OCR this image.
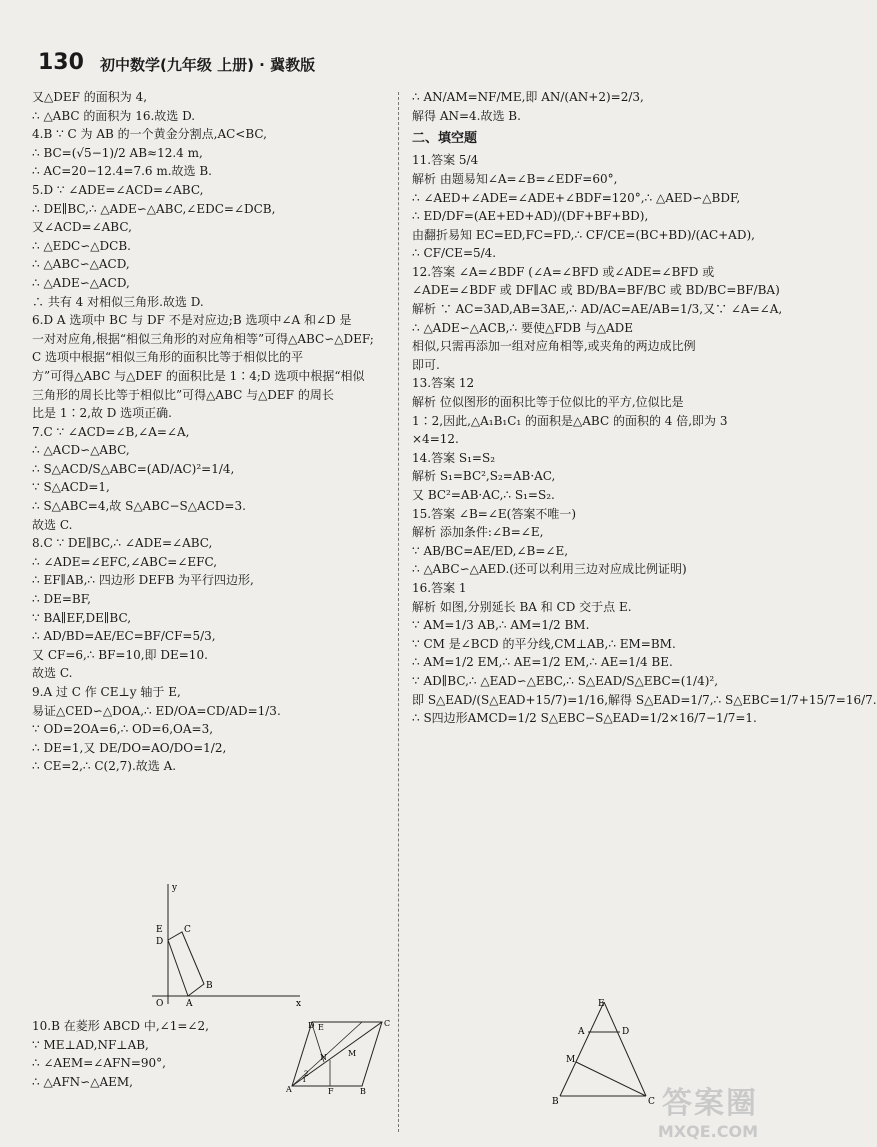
130 初中数学(九年级 上册) · 冀教版
又△DEF 的面积为 4,
∴ △ABC 的面积为 16.故选 D.
4.B ∵ C 为 AB 的一个黄金分割点,AC<BC,
∴ BC=(√5−1)/2 AB≈12.4 m,
∴ AC=20−12.4=7.6 m.故选 B.
5.D ∵ ∠ADE=∠ACD=∠ABC,
∴ DE∥BC,∴ △ADE∽△ABC,∠EDC=∠DCB,
又∠ACD=∠ABC,
∴ △EDC∽△DCB.
∴ △ABC∽△ACD,
∴ △ADE∽△ACD,
∴ 共有 4 对相似三角形.故选 D.
6.D A 选项中 BC 与 DF 不是对应边;B 选项中∠A 和∠D 是
一对对应角,根据“相似三角形的对应角相等”可得△ABC∽△DEF;
C 选项中根据“相似三角形的面积比等于相似比的平
方”可得△ABC 与△DEF 的面积比是 1∶4;D 选项中根据“相似
三角形的周长比等于相似比”可得△ABC 与△DEF 的周长
比是 1∶2,故 D 选项正确.
7.C ∵ ∠ACD=∠B,∠A=∠A,
∴ △ACD∽△ABC,
∴ S△ACD/S△ABC=(AD/AC)²=1/4,
∵ S△ACD=1,
∴ S△ABC=4,故 S△ABC−S△ACD=3.
故选 C.
8.C ∵ DE∥BC,∴ ∠ADE=∠ABC,
∴ ∠ADE=∠EFC,∠ABC=∠EFC,
∴ EF∥AB,∴ 四边形 DEFB 为平行四边形,
∴ DE=BF,
∵ BA∥EF,DE∥BC,
∴ AD/BD=AE/EC=BF/CF=5/3,
又 CF=6,∴ BF=10,即 DE=10.
故选 C.
9.A 过 C 作 CE⊥y 轴于 E,
易证△CED∽△DOA,∴ ED/OA=CD/AD=1/3.
∵ OD=2OA=6,∴ OD=6,OA=3,
∴ DE=1,又 DE/DO=AO/DO=1/2,
∴ CE=2,∴ C(2,7).故选 A.
y
E
D
C
O	A
B
x
10.B 在菱形 ABCD 中,∠1=∠2,
∵ ME⊥AD,NF⊥AB,
∴ ∠AEM=∠AFN=90°,
∴ △AFN∽△AEM,
D E	C
N	M
A	F	B
1
2
∴ AN/AM=NF/ME,即 AN/(AN+2)=2/3,
解得 AN=4.故选 B.
二、填空题
11.答案 5/4
解析 由题易知∠A=∠B=∠EDF=60°,
∴ ∠AED+∠ADE=∠ADE+∠BDF=120°,∴ △AED∽△BDF,
∴ ED/DF=(AE+ED+AD)/(DF+BF+BD),
由翻折易知 EC=ED,FC=FD,∴ CF/CE=(BC+BD)/(AC+AD),
∴ CF/CE=5/4.
12.答案 ∠A=∠BDF (∠A=∠BFD 或∠ADE=∠BFD 或
∠ADE=∠BDF 或 DF∥AC 或 BD/BA=BF/BC 或 BD/BC=BF/BA)
解析 ∵ AC=3AD,AB=3AE,∴ AD/AC=AE/AB=1/3,又∵ ∠A=∠A,
∴ △ADE∽△ACB,∴ 要使△FDB 与△ADE
相似,只需再添加一组对应角相等,或夹角的两边成比例
即可.
13.答案 12
解析 位似图形的面积比等于位似比的平方,位似比是
1∶2,因此,△A₁B₁C₁ 的面积是△ABC 的面积的 4 倍,即为 3
×4=12.
14.答案 S₁=S₂
解析 S₁=BC²,S₂=AB·AC,
又 BC²=AB·AC,∴ S₁=S₂.
15.答案 ∠B=∠E(答案不唯一)
解析 添加条件:∠B=∠E,
∵ AB/BC=AE/ED,∠B=∠E,
∴ △ABC∽△AED.(还可以利用三边对应成比例证明)
16.答案 1
解析 如图,分别延长 BA 和 CD 交于点 E.
∵ AM=1/3 AB,∴ AM=1/2 BM.
∵ CM 是∠BCD 的平分线,CM⊥AB,∴ EM=BM.
∴ AM=1/2 EM,∴ AE=1/2 EM,∴ AE=1/4 BE.
∵ AD∥BC,∴ △EAD∽△EBC,∴ S△EAD/S△EBC=(1/4)²,
即 S△EAD/(S△EAD+15/7)=1/16,解得 S△EAD=1/7,∴ S△EBC=1/7+15/7=16/7.
∴ S四边形AMCD=1/2 S△EBC−S△EAD=1/2×16/7−1/7=1.
E
A	D
M
B	C 答案圈
MXQE.COM
